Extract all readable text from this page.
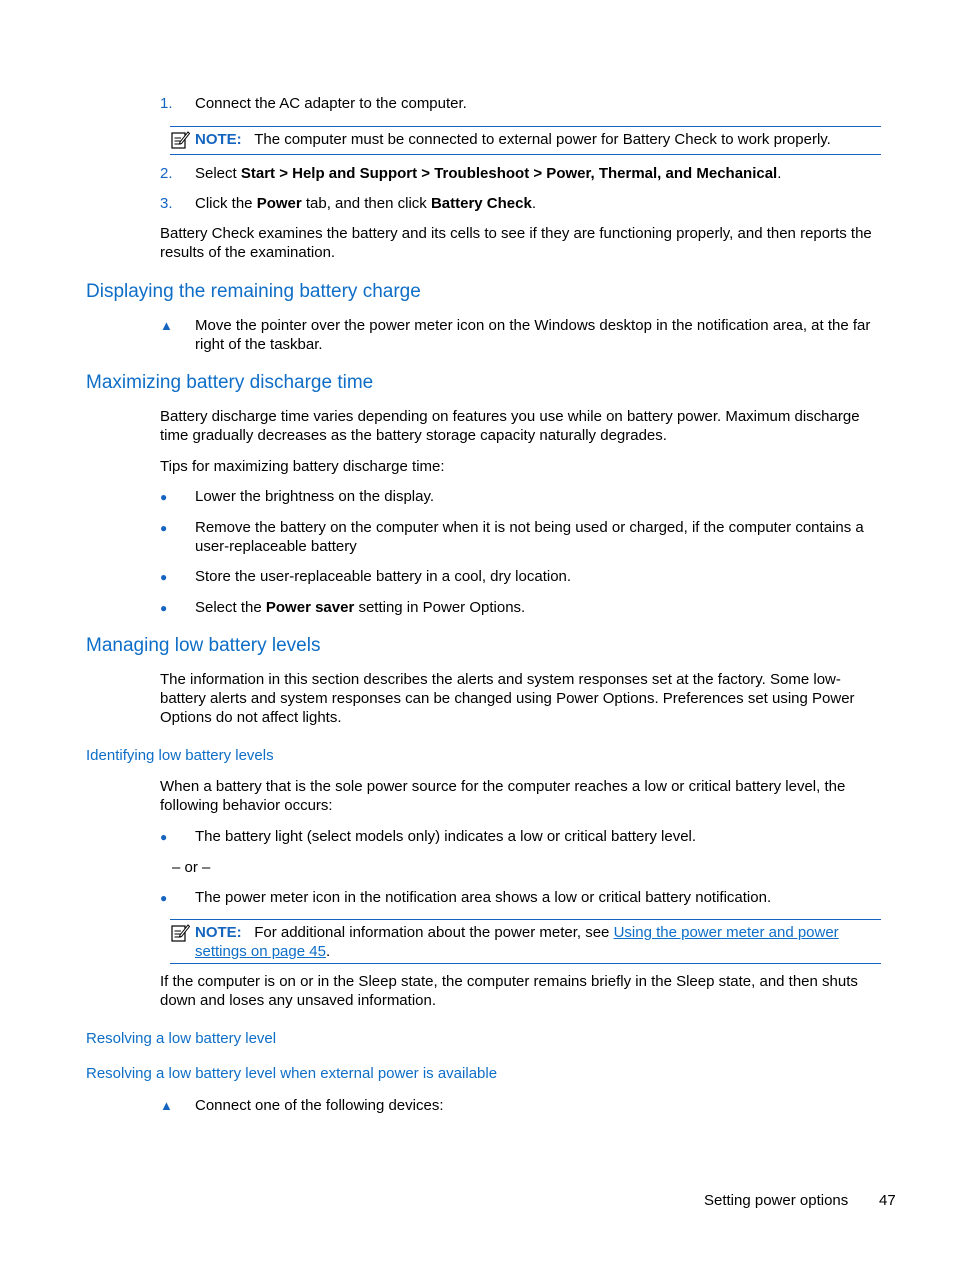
1. Connect the AC adapter to the computer.
NOTE: The computer must be connected to external power for Battery Check to work properly.
2. Select Start > Help and Support > Troubleshoot > Power, Thermal, and Mechanical.
3. Click the Power tab, and then click Battery Check.
Battery Check examines the battery and its cells to see if they are functioning properly, and then reports the results of the examination.
Displaying the remaining battery charge
▲ Move the pointer over the power meter icon on the Windows desktop in the notification area, at the far right of the taskbar.
Maximizing battery discharge time
Battery discharge time varies depending on features you use while on battery power. Maximum discharge time gradually decreases as the battery storage capacity naturally degrades.
Tips for maximizing battery discharge time:
● Lower the brightness on the display.
● Remove the battery on the computer when it is not being used or charged, if the computer contains a user-replaceable battery
● Store the user-replaceable battery in a cool, dry location.
● Select the Power saver setting in Power Options.
Managing low battery levels
The information in this section describes the alerts and system responses set at the factory. Some low-battery alerts and system responses can be changed using Power Options. Preferences set using Power Options do not affect lights.
Identifying low battery levels
When a battery that is the sole power source for the computer reaches a low or critical battery level, the following behavior occurs:
● The battery light (select models only) indicates a low or critical battery level.
– or –
● The power meter icon in the notification area shows a low or critical battery notification.
NOTE: For additional information about the power meter, see Using the power meter and power settings on page 45.
If the computer is on or in the Sleep state, the computer remains briefly in the Sleep state, and then shuts down and loses any unsaved information.
Resolving a low battery level
Resolving a low battery level when external power is available
▲ Connect one of the following devices:
Setting power options 47
